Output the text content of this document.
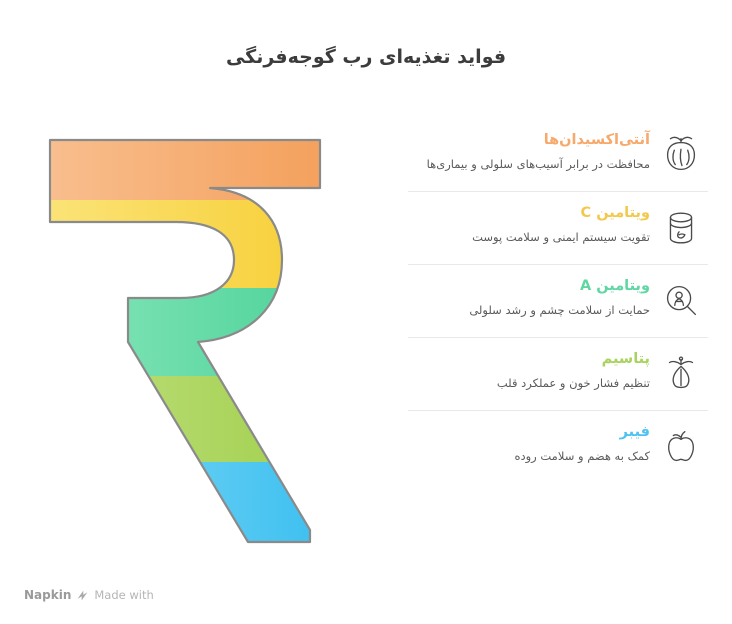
فواید تغذیه‌ای رب گوجه‌فرنگی
آنتی‌اکسیدان‌ها
محافظت در برابر آسیب‌های سلولی و بیماری‌ها
ویتامین C
تقویت سیستم ایمنی و سلامت پوست
ویتامین A
حمایت از سلامت چشم و رشد سلولی
پتاسیم
تنظیم فشار خون و عملکرد قلب
فیبر
کمک به هضم و سلامت روده
Made with
Napkin
